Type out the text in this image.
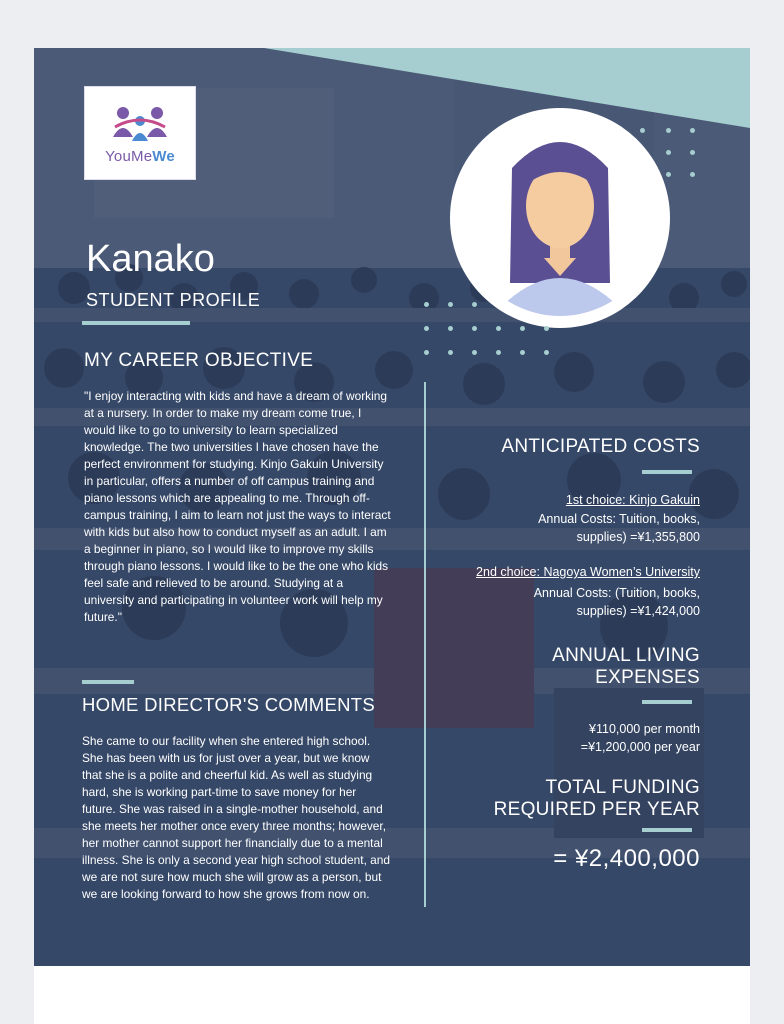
YouMeWe
Kanako
STUDENT PROFILE
MY CAREER OBJECTIVE
"I enjoy interacting with kids and have a dream of working at a nursery. In order to make my dream come true, I would like to go to university to learn specialized knowledge. The two universities I have chosen have the perfect environment for studying. Kinjo Gakuin University in particular, offers a number of off campus training and piano lessons which are appealing to me. Through off-campus training, I aim to learn not just the ways to interact with kids but also how to conduct myself as an adult. I am a beginner in piano, so I would like to improve my skills through piano lessons. I would like to be the one who kids feel safe and relieved to be around. Studying at a university and participating in volunteer work will help my future."
HOME DIRECTOR'S COMMENTS
She came to our facility when she entered high school. She has been with us for just over a year, but we know that she is a polite and cheerful kid. As well as studying hard, she is working part-time to save money for her future. She was raised in a single-mother household, and she meets her mother once every three months; however, her mother cannot support her financially due to a mental illness. She is only a second year high school student, and we are not sure how much she will grow as a person, but we are looking forward to how she grows from now on.
ANTICIPATED COSTS
1st choice: Kinjo Gakuin
Annual Costs: Tuition, books,
supplies) =¥1,355,800
2nd choice: Nagoya Women’s University
Annual Costs: (Tuition, books,
supplies) =¥1,424,000
ANNUAL LIVING
EXPENSES
¥110,000 per month
=¥1,200,000 per year
TOTAL FUNDING
REQUIRED PER YEAR
= ¥2,400,000
